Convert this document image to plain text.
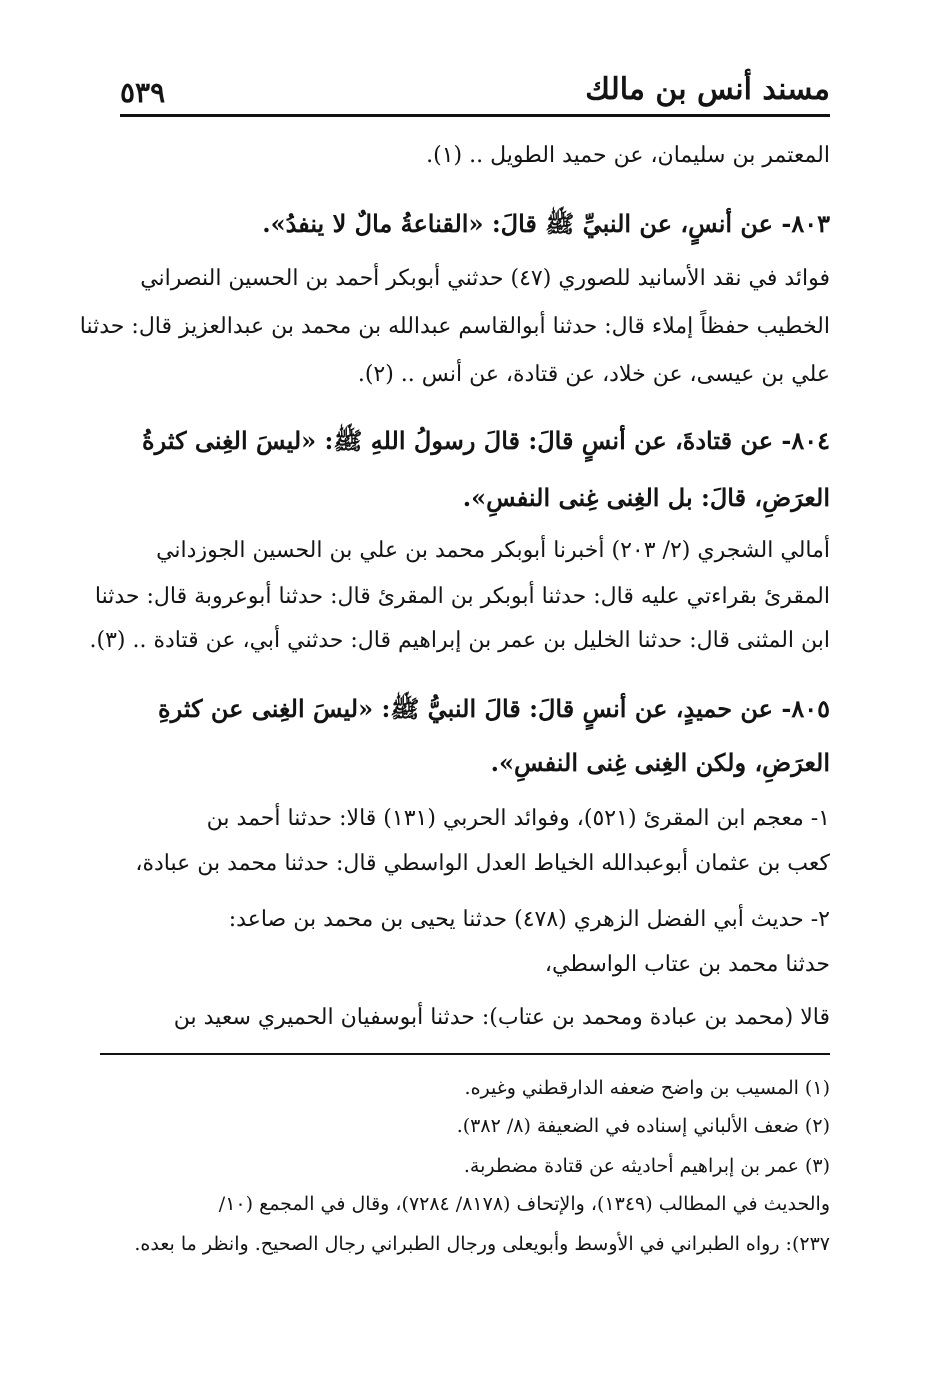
مسند أنس بن مالك
٥٣٩
المعتمر بن سليمان، عن حميد الطويل .. (١).
٨٠٣- عن أنسٍ، عن النبيِّ ﷺ قالَ: «القناعةُ مالٌ لا ينفدُ».
فوائد في نقد الأسانيد للصوري (٤٧) حدثني أبوبكر أحمد بن الحسين النصراني
الخطيب حفظاً إملاء قال: حدثنا أبوالقاسم عبدالله بن محمد بن عبدالعزيز قال: حدثنا
علي بن عيسى، عن خلاد، عن قتادة، عن أنس .. (٢).
٨٠٤- عن قتادةَ، عن أنسٍ قالَ: قالَ رسولُ اللهِ ﷺ: «ليسَ الغِنى كثرةُ
العرَضِ، قالَ: بل الغِنى غِنى النفسِ».
أمالي الشجري (٢/ ٢٠٣) أخبرنا أبوبكر محمد بن علي بن الحسين الجوزداني
المقرئ بقراءتي عليه قال: حدثنا أبوبكر بن المقرئ قال: حدثنا أبوعروبة قال: حدثنا
ابن المثنى قال: حدثنا الخليل بن عمر بن إبراهيم قال: حدثني أبي، عن قتادة .. (٣).
٨٠٥- عن حميدٍ، عن أنسٍ قالَ: قالَ النبيُّ ﷺ: «ليسَ الغِنى عن كثرةِ
العرَضِ، ولكن الغِنى غِنى النفسِ».
١- معجم ابن المقرئ (٥٢١)، وفوائد الحربي (١٣١) قالا: حدثنا أحمد بن
كعب بن عثمان أبوعبدالله الخياط العدل الواسطي قال: حدثنا محمد بن عبادة،
٢- حديث أبي الفضل الزهري (٤٧٨) حدثنا يحيى بن محمد بن صاعد:
حدثنا محمد بن عتاب الواسطي،
قالا (محمد بن عبادة ومحمد بن عتاب): حدثنا أبوسفيان الحميري سعيد بن
(١) المسيب بن واضح ضعفه الدارقطني وغيره.
(٢) ضعف الألباني إسناده في الضعيفة (٨/ ٣٨٢).
(٣) عمر بن إبراهيم أحاديثه عن قتادة مضطربة.
والحديث في المطالب (١٣٤٩)، والإتحاف (٨١٧٨/ ٧٢٨٤)، وقال في المجمع (١٠/
٢٣٧): رواه الطبراني في الأوسط وأبويعلى ورجال الطبراني رجال الصحيح. وانظر ما بعده.
